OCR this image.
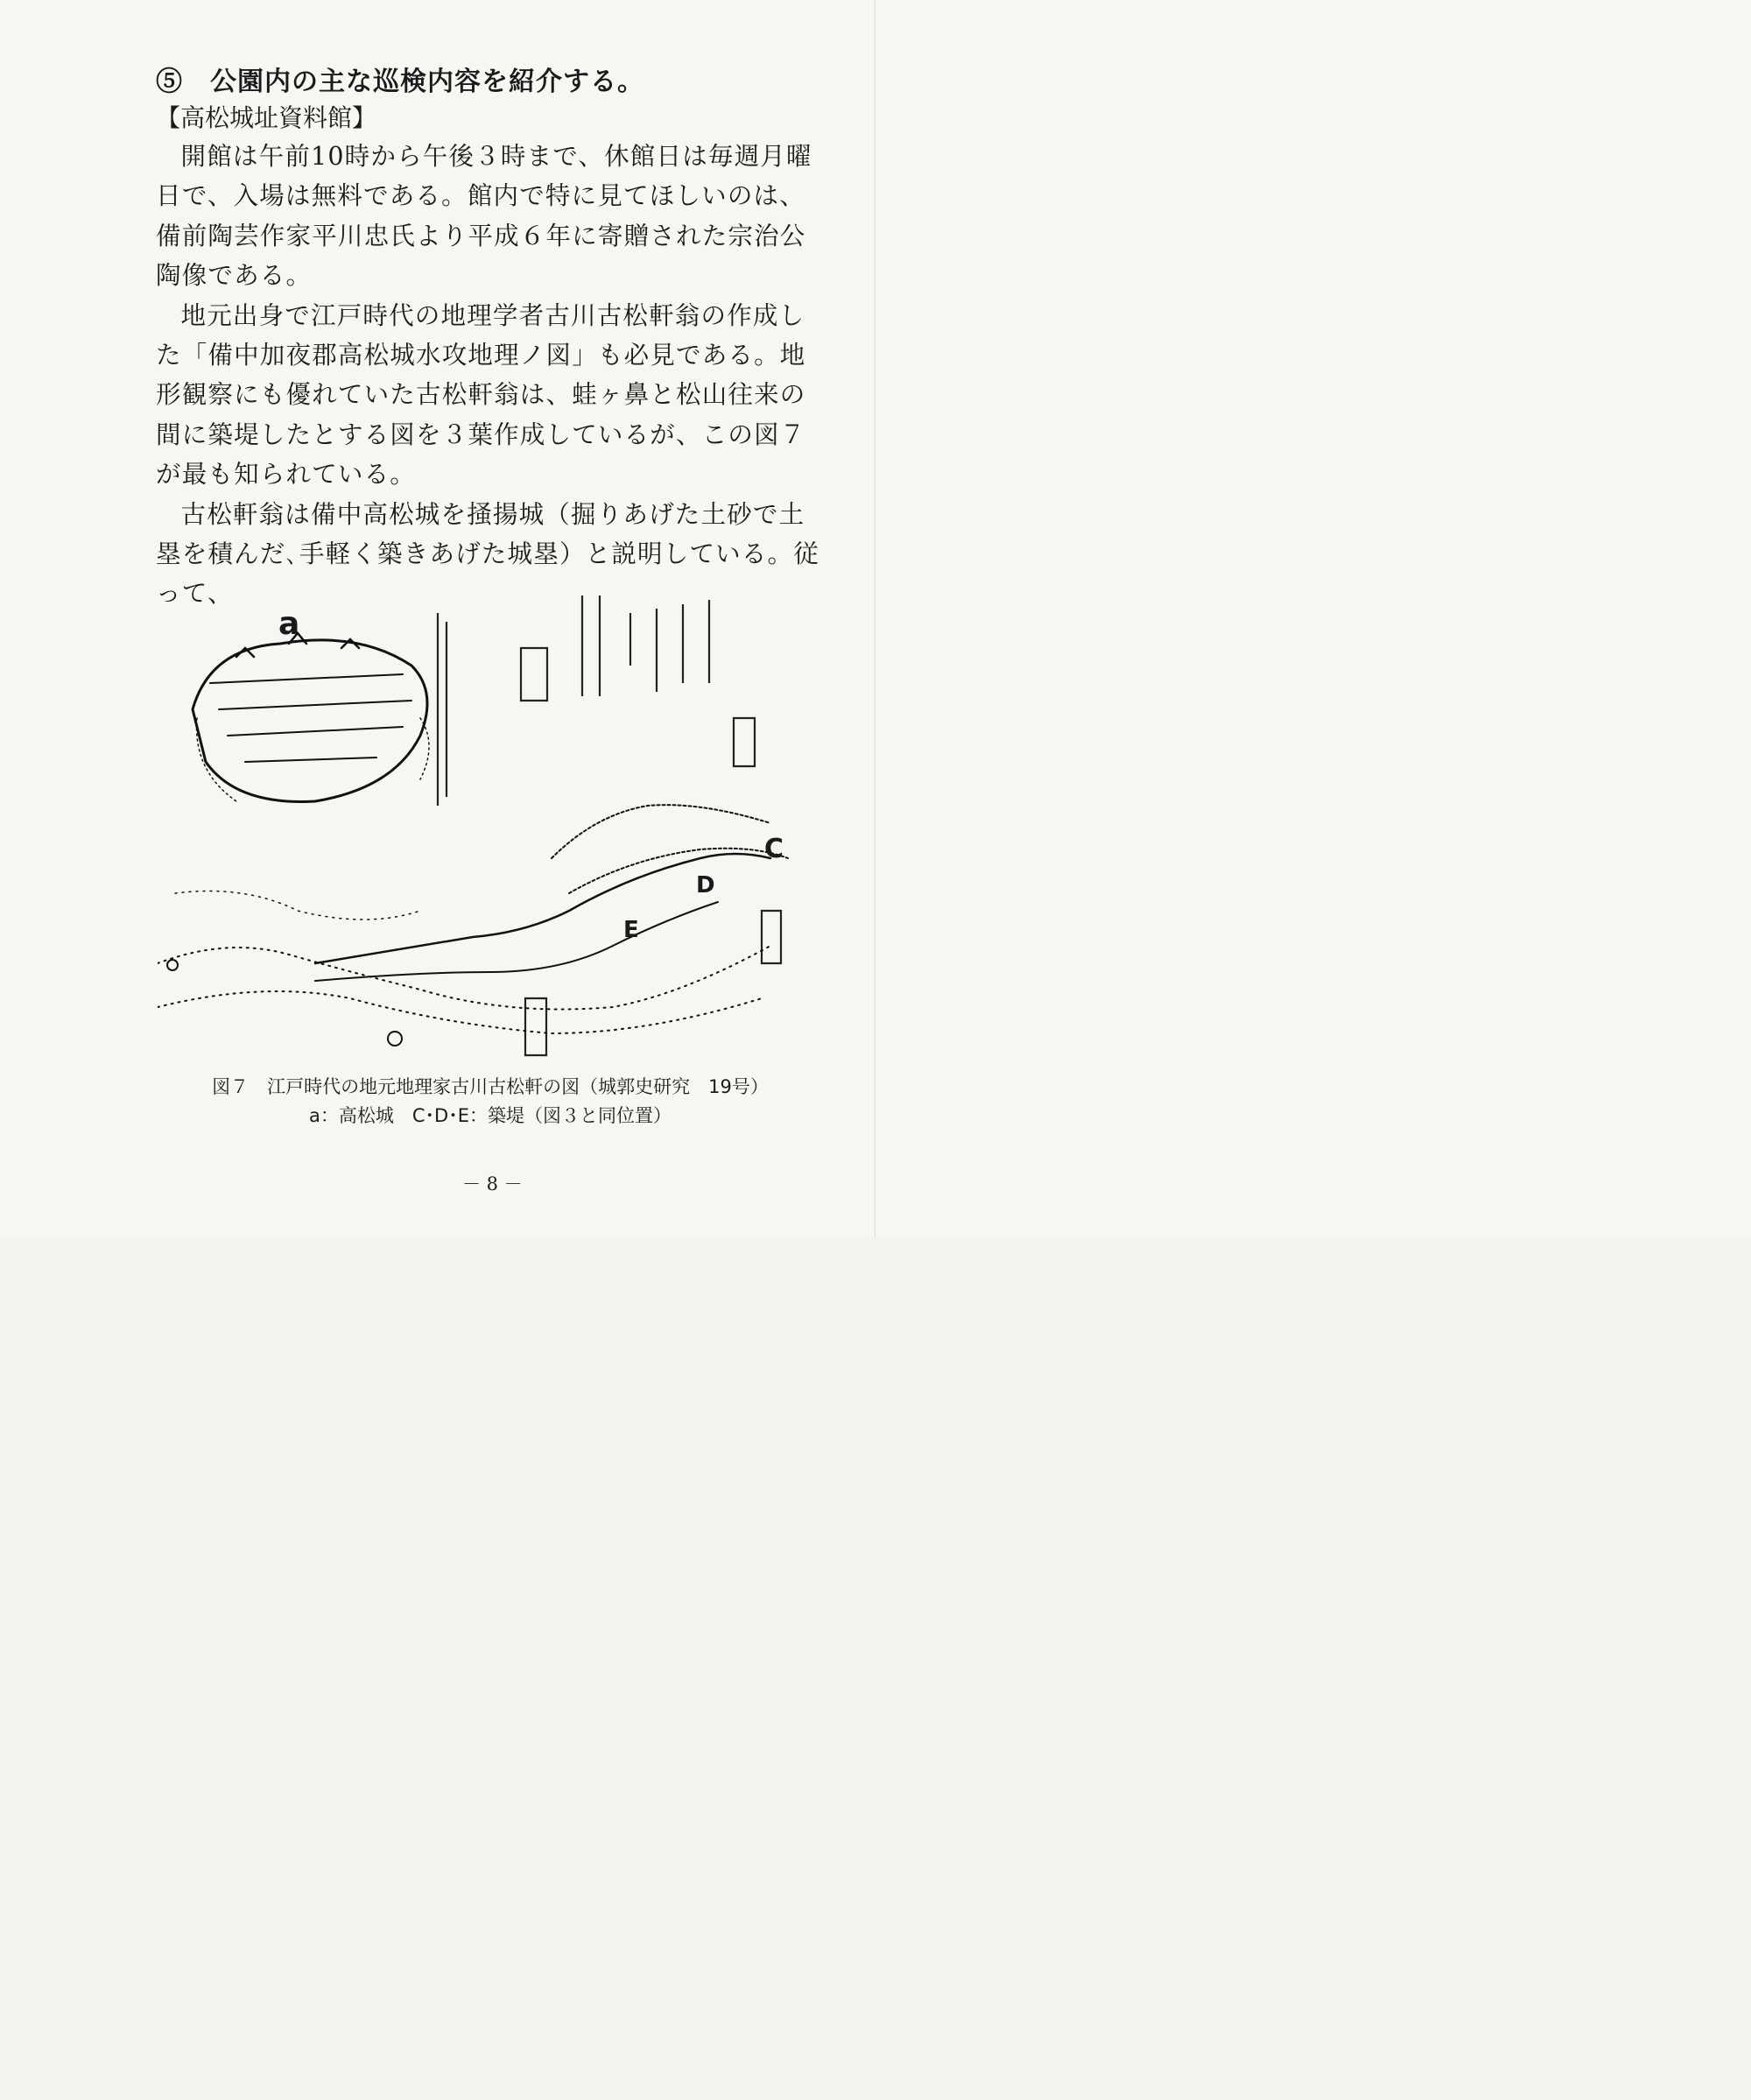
⑤　公園内の主な巡検内容を紹介する。
【高松城址資料館】

開館は午前10時から午後３時まで、休館日は毎週月曜日で、入場は無料である。館内で特に見てほしいのは、備前陶芸作家平川忠氏より平成６年に寄贈された宗治公陶像である。

地元出身で江戸時代の地理学者古川古松軒翁の作成した「備中加夜郡高松城水攻地理ノ図」も必見である。地形観察にも優れていた古松軒翁は、蛙ヶ鼻と松山往来の間に築堤したとする図を３葉作成しているが、この図７が最も知られている。

古松軒翁は備中高松城を掻揚城（掘りあげた土砂で土塁を積んだ､手軽く築きあげた城塁）と説明している。従って、

a
C
D
E
図７　江戸時代の地元地理家古川古松軒の図（城郭史研究　19号）
a：高松城　C･D･E：築堤（図３と同位置）
－ 8 －
